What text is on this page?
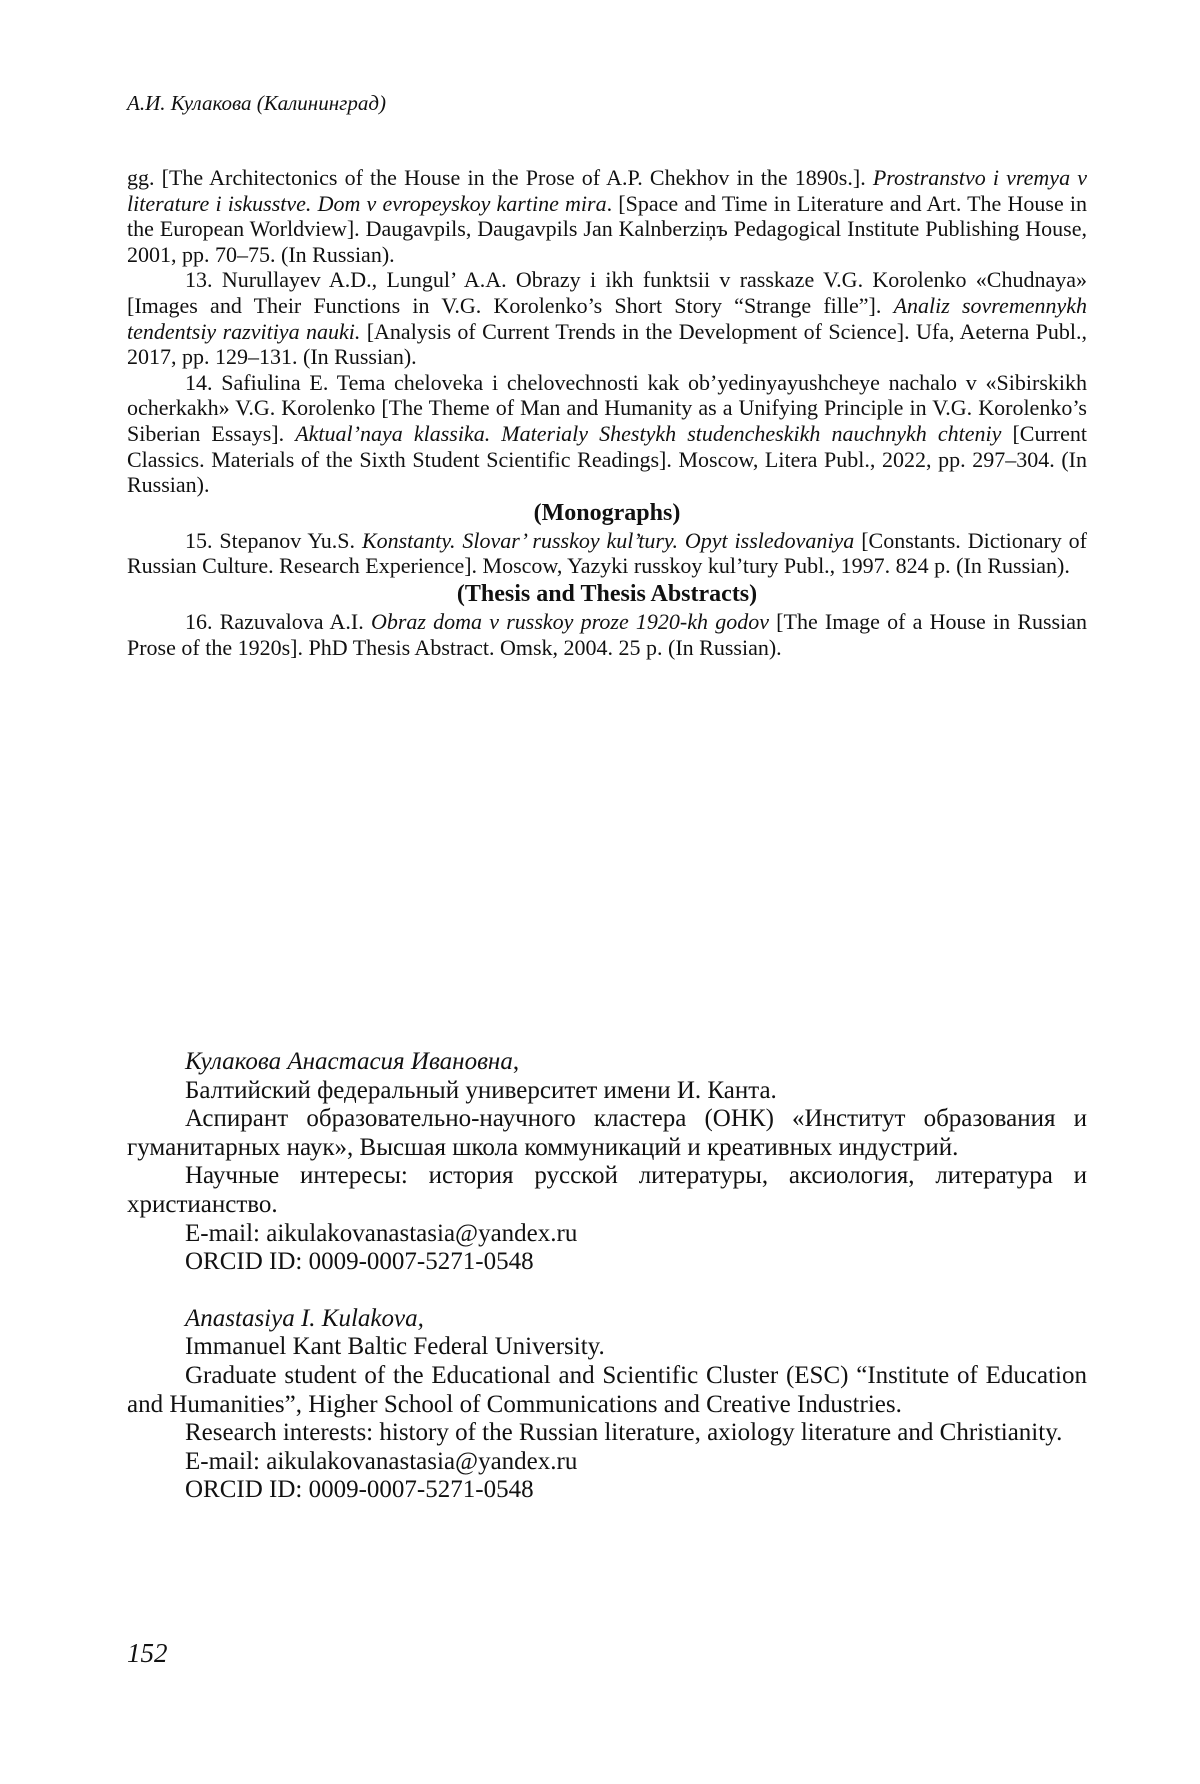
А.И. Кулакова (Калининград)

gg. [The Architectonics of the House in the Prose of A.P. Chekhov in the 1890s.]. Prostranstvo i vremya v literature i iskusstve. Dom v evropeyskoy kartine mira. [Space and Time in Literature and Art. The House in the European Worldview]. Daugavpils, Daugavpils Jan Kalnberziņъ Pedagogical Institute Publishing House, 2001, pp. 70–75. (In Russian).

13. Nurullayev A.D., Lungul’ A.A. Obrazy i ikh funktsii v rasskaze V.G. Korolenko «Chudnaya» [Images and Their Functions in V.G. Korolenko’s Short Story “Strange fille”]. Analiz sovremennykh tendentsiy razvitiya nauki. [Analysis of Current Trends in the Development of Science]. Ufa, Aeterna Publ., 2017, pp. 129–131. (In Russian).

14. Safiulina E. Tema cheloveka i chelovechnosti kak ob’yedinyayushcheye nachalo v «Sibirskikh ocherkakh» V.G. Korolenko [The Theme of Man and Humanity as a Unifying Principle in V.G. Korolenko’s Siberian Essays]. Aktual’naya klassika. Materialy Shestykh studencheskikh nauchnykh chteniy [Current Classics. Materials of the Sixth Student Scientific Readings]. Moscow, Litera Publ., 2022, pp. 297–304. (In Russian).

(Monographs)

15. Stepanov Yu.S. Konstanty. Slovar’ russkoy kul’tury. Opyt issledovaniya [Constants. Dictionary of Russian Culture. Research Experience]. Moscow, Yazyki russkoy kul’tury Publ., 1997. 824 p. (In Russian).

(Thesis and Thesis Abstracts)

16. Razuvalova A.I. Obraz doma v russkoy proze 1920-kh godov [The Image of a House in Russian Prose of the 1920s]. PhD Thesis Abstract. Omsk, 2004. 25 p. (In Russian).

Кулакова Анастасия Ивановна,

Балтийский федеральный университет имени И. Канта.

Аспирант образовательно-научного кластера (ОНК) «Институт образования и гуманитарных наук», Высшая школа коммуникаций и креативных индустрий.

Научные интересы: история русской литературы, аксиология, литература и христианство.

E-mail: aikulakovanastasia@yandex.ru

ORCID ID: 0009-0007-5271-0548

Anastasiya I. Kulakova,

Immanuel Kant Baltic Federal University.

Graduate student of the Educational and Scientific Cluster (ESC) “Institute of Education and Humanities”, Higher School of Communications and Creative Industries.

Research interests: history of the Russian literature, axiology literature and Christianity.

E-mail: aikulakovanastasia@yandex.ru

ORCID ID: 0009-0007-5271-0548

152
